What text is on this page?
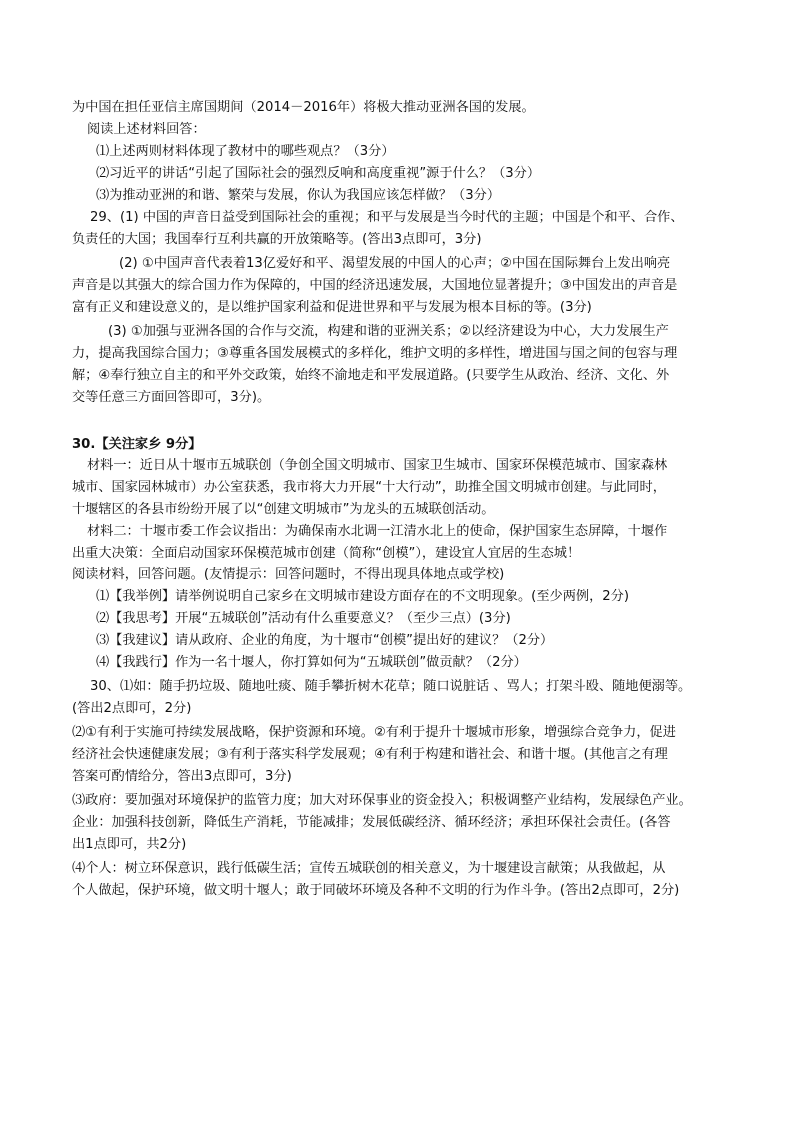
为中国在担任亚信主席国期间（2014－2016年）将极大推动亚洲各国的发展。
阅读上述材料回答：
⑴上述两则材料体现了教材中的哪些观点？（3分）
⑵习近平的讲话“引起了国际社会的强烈反响和高度重视”源于什么？（3分）
⑶为推动亚洲的和谐、繁荣与发展，你认为我国应该怎样做？（3分）
29、(1) 中国的声音日益受到国际社会的重视；和平与发展是当今时代的主题；中国是个和平、合作、
负责任的大国；我国奉行互利共赢的开放策略等。(答出3点即可，3分)
(2) ①中国声音代表着13亿爱好和平、渴望发展的中国人的心声；②中国在国际舞台上发出响亮
声音是以其强大的综合国力作为保障的，中国的经济迅速发展，大国地位显著提升；③中国发出的声音是
富有正义和建设意义的，是以维护国家利益和促进世界和平与发展为根本目标的等。(3分)
(3) ①加强与亚洲各国的合作与交流，构建和谐的亚洲关系；②以经济建设为中心，大力发展生产
力，提高我国综合国力；③尊重各国发展模式的多样化，维护文明的多样性，增进国与国之间的包容与理
解；④奉行独立自主的和平外交政策，始终不渝地走和平发展道路。(只要学生从政治、经济、文化、外
交等任意三方面回答即可，3分)。
30.【关注家乡 9分】
材料一：近日从十堰市五城联创（争创全国文明城市、国家卫生城市、国家环保模范城市、国家森林
城市、国家园林城市）办公室获悉，我市将大力开展“十大行动”，助推全国文明城市创建。与此同时，
十堰辖区的各县市纷纷开展了以“创建文明城市”为龙头的五城联创活动。
材料二：十堰市委工作会议指出：为确保南水北调一江清水北上的使命，保护国家生态屏障，十堰作
出重大决策：全面启动国家环保模范城市创建（简称“创模”），建设宜人宜居的生态城！
阅读材料，回答问题。(友情提示：回答问题时，不得出现具体地点或学校)
⑴【我举例】请举例说明自己家乡在文明城市建设方面存在的不文明现象。(至少两例，2分)
⑵【我思考】开展“五城联创”活动有什么重要意义？（至少三点）(3分)
⑶【我建议】请从政府、企业的角度，为十堰市“创模”提出好的建议？（2分）
⑷【我践行】作为一名十堰人，你打算如何为“五城联创”做贡献？（2分）
30、⑴如：随手扔垃圾、随地吐痰、随手攀折树木花草；随口说脏话 、骂人；打架斗殴、随地便溺等。
(答出2点即可，2分)
⑵①有利于实施可持续发展战略，保护资源和环境。②有利于提升十堰城市形象，增强综合竞争力，促进
经济社会快速健康发展；③有利于落实科学发展观；④有利于构建和谐社会、和谐十堰。(其他言之有理
答案可酌情给分，答出3点即可，3分)
⑶政府：要加强对环境保护的监管力度；加大对环保事业的资金投入；积极调整产业结构，发展绿色产业。
企业：加强科技创新，降低生产消耗，节能减排；发展低碳经济、循环经济；承担环保社会责任。(各答
出1点即可，共2分)
⑷个人：树立环保意识，践行低碳生活；宣传五城联创的相关意义，为十堰建设言献策；从我做起，从
个人做起，保护环境，做文明十堰人；敢于同破坏环境及各种不文明的行为作斗争。(答出2点即可，2分)
